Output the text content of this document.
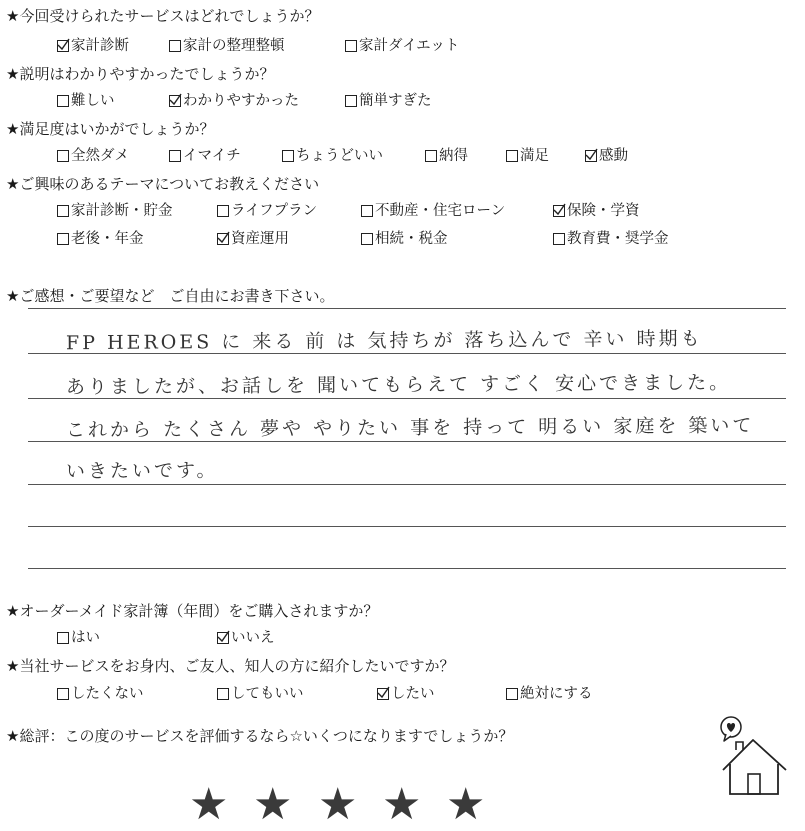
★今回受けられたサービスはどれでしょうか？
家計診断	家計の整理整頓	家計ダイエット
★説明はわかりやすかったでしょうか？
難しい	わかりやすかった	簡単すぎた
★満足度はいかがでしょうか？
全然ダメ	イマイチ	ちょうどいい	納得	満足	感動
★ご興味のあるテーマについてお教えください
家計診断・貯金	ライフプラン	不動産・住宅ローン	保険・学資
老後・年金	資産運用	相続・税金	教育費・奨学金
★ご感想・ご要望など　ご自由にお書き下さい。
FP HEROES に 来る 前 は 気持ちが 落ち込んで 辛い 時期も
ありましたが、お話しを 聞いてもらえて すごく 安心できました。
これから たくさん 夢や やりたい 事を 持って 明るい 家庭を 築いて
いきたいです。
★オーダーメイド家計簿（年間）をご購入されますか？
はい	いいえ
★当社サービスをお身内、ご友人、知人の方に紹介したいですか？
したくない	してもいい	したい	絶対にする
★総評：この度のサービスを評価するなら☆いくつになりますでしょうか？
★ ★ ★ ★ ★
